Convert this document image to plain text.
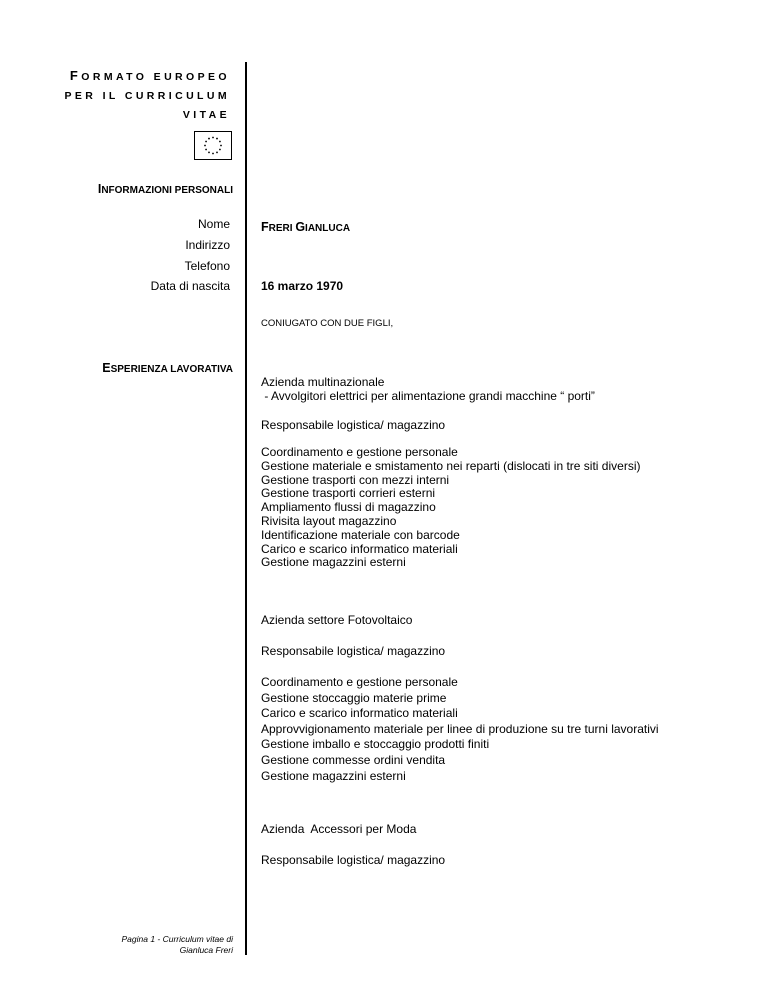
FORMATO EUROPEO
PER IL CURRICULUM
VITAE
INFORMAZIONI PERSONALI
Nome FRERI GIANLUCA
Indirizzo
Telefono
Data di nascita	16 marzo 1970
CONIUGATO CON DUE FIGLI,
ESPERIENZA LAVORATIVA
Azienda multinazionale
- Avvolgitori elettrici per alimentazione grandi macchine “ porti”
Responsabile logistica/ magazzino
Coordinamento e gestione personale
Gestione materiale e smistamento nei reparti (dislocati in tre siti diversi)
Gestione trasporti con mezzi interni
Gestione trasporti corrieri esterni
Ampliamento flussi di magazzino
Rivisita layout magazzino
Identificazione materiale con barcode
Carico e scarico informatico materiali
Gestione magazzini esterni
Azienda settore Fotovoltaico
Responsabile logistica/ magazzino
Coordinamento e gestione personale
Gestione stoccaggio materie prime
Carico e scarico informatico materiali
Approvvigionamento materiale per linee di produzione su tre turni lavorativi
Gestione imballo e stoccaggio prodotti finiti
Gestione commesse ordini vendita
Gestione magazzini esterni
Azienda  Accessori per Moda
Responsabile logistica/ magazzino
Pagina 1 - Curriculum vitae di
Gianluca Freri
